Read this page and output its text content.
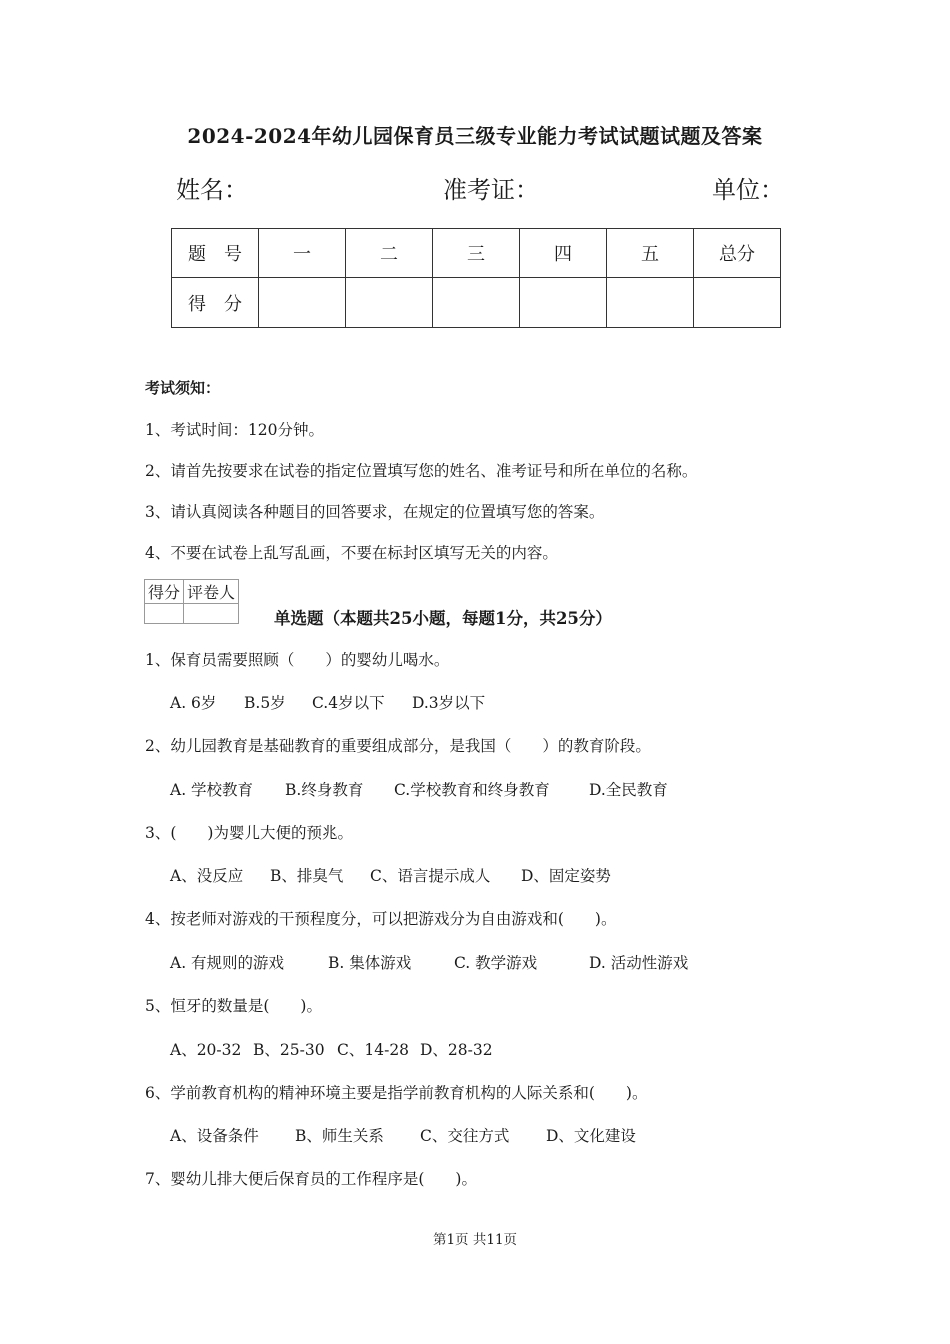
2024-2024年幼儿园保育员三级专业能力考试试题试题及答案
姓名：	准考证：	单位：
题　号	一	二	三	四	五	总分
得　分						
考试须知：
1、考试时间：120分钟。
2、请首先按要求在试卷的指定位置填写您的姓名、准考证号和所在单位的名称。
3、请认真阅读各种题目的回答要求，在规定的位置填写您的答案。
4、不要在试卷上乱写乱画，不要在标封区填写无关的内容。
得分	评卷人

单选题（本题共25小题，每题1分，共25分）
1、保育员需要照顾（　　）的婴幼儿喝水。
A. 6岁 B.5岁 C.4岁以下 D.3岁以下
2、幼儿园教育是基础教育的重要组成部分，是我国（　　）的教育阶段。
A. 学校教育 B.终身教育 C.学校教育和终身教育	D.全民教育
3、(　　)为婴儿大便的预兆。
A、没反应 B、排臭气 C、语言提示成人 D、固定姿势
4、按老师对游戏的干预程度分，可以把游戏分为自由游戏和(　　)。
A. 有规则的游戏	B. 集体游戏	C. 教学游戏	D. 活动性游戏
5、恒牙的数量是(　　)。
A、20-32 B、25-30 C、14-28 D、28-32
6、学前教育机构的精神环境主要是指学前教育机构的人际关系和(　　)。
A、设备条件 B、师生关系 C、交往方式 D、文化建设
7、婴幼儿排大便后保育员的工作程序是(　　)。
第1页 共11页
